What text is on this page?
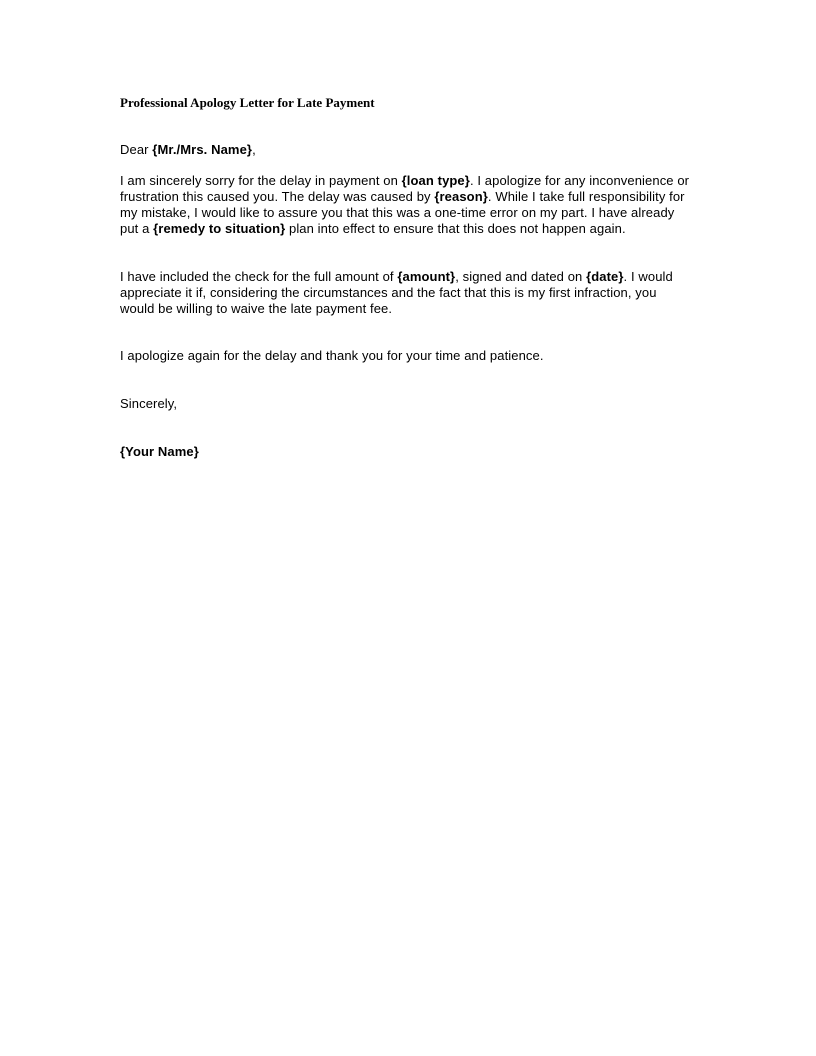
Professional Apology Letter for Late Payment
Dear {Mr./Mrs. Name},
I am sincerely sorry for the delay in payment on {loan type}. I apologize for any inconvenience or frustration this caused you. The delay was caused by {reason}. While I take full responsibility for my mistake, I would like to assure you that this was a one-time error on my part. I have already put a {remedy to situation} plan into effect to ensure that this does not happen again.
I have included the check for the full amount of {amount}, signed and dated on {date}. I would appreciate it if, considering the circumstances and the fact that this is my first infraction, you would be willing to waive the late payment fee.
I apologize again for the delay and thank you for your time and patience.
Sincerely,
{Your Name}
